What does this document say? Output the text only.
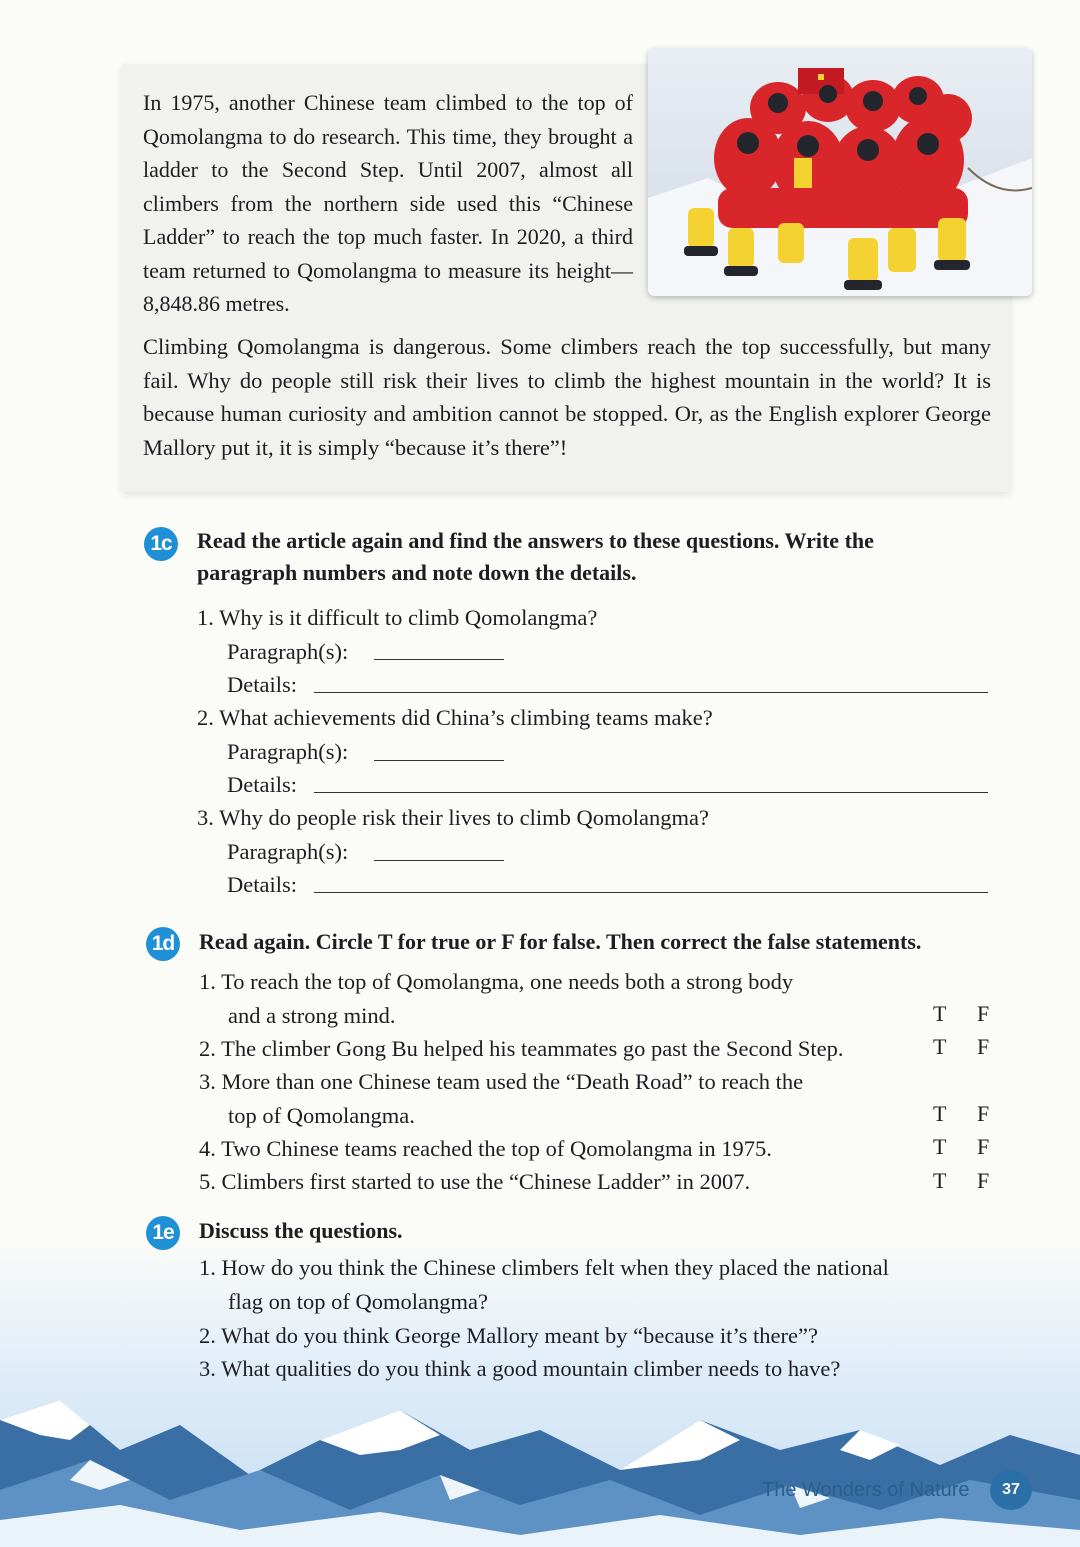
In 1975, another Chinese team climbed to the top of Qomolangma to do research. This time, they brought a ladder to the Second Step. Until 2007, almost all climbers from the northern side used this “Chinese Ladder” to reach the top much faster. In 2020, a third team returned to Qomolangma to measure its height—8,848.86 metres.

Climbing Qomolangma is dangerous. Some climbers reach the top successfully, but many fail. Why do people still risk their lives to climb the highest mountain in the world? It is because human curiosity and ambition cannot be stopped. Or, as the English explorer George Mallory put it, it is simply “because it’s there”!

1c Read the article again and find the answers to these questions. Write the
paragraph numbers and note down the details.
1. Why is it difficult to climb Qomolangma?
Paragraph(s):
Details:
2. What achievements did China’s climbing teams make?
Paragraph(s):
Details:
3. Why do people risk their lives to climb Qomolangma?
Paragraph(s):
Details:
1d Read again. Circle T for true or F for false. Then correct the false statements.
1. To reach the top of Qomolangma, one needs both a strong body
and a strong mind.	T F
2. The climber Gong Bu helped his teammates go past the Second Step.	T F
3. More than one Chinese team used the “Death Road” to reach the
top of Qomolangma.	T F
4. Two Chinese teams reached the top of Qomolangma in 1975.	T F
5. Climbers first started to use the “Chinese Ladder” in 2007.	T F
1e Discuss the questions.
1. How do you think the Chinese climbers felt when they placed the national
flag on top of Qomolangma?
2. What do you think George Mallory meant by “because it’s there”?
3. What qualities do you think a good mountain climber needs to have?
The Wonders of Nature	37
